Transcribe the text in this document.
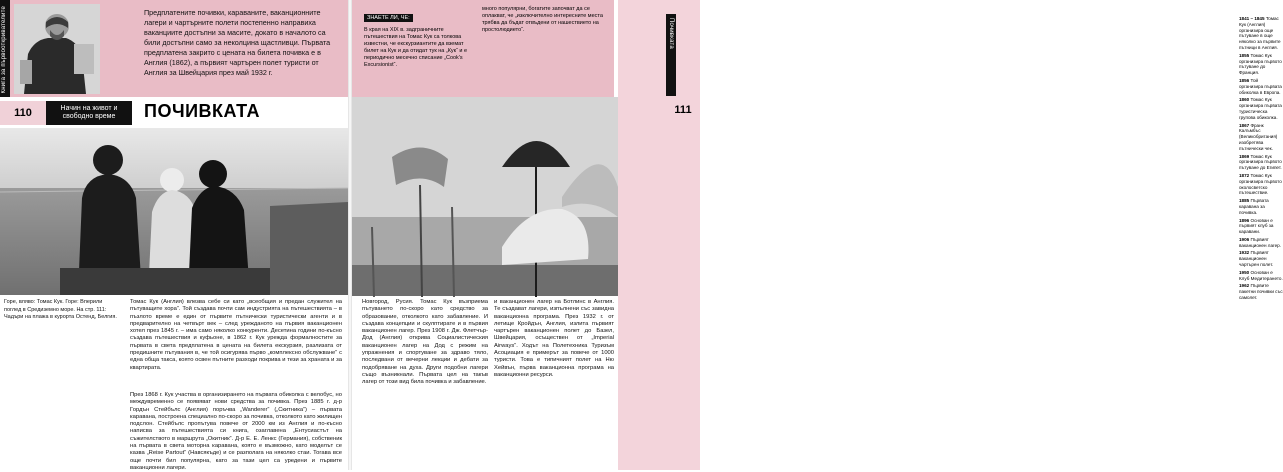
Книга за първооткривателите	Предплатените почивки, караваните, ваканционните лагери и чартърните полети постепенно направиха ваканциите достъпни за масите, докато в началото са били достъпни само за неколцина щастливци. Първата предплатена закрито с цената на билета почивка е в Англия (1862), а първият чартърен полет туристи от Англия за Швейцария през май 1932 г.
110	Начин на живот и свободно време	ПОЧИВКАТА
Горе, вляво: Томас Кук. Горе: Вперили поглед в Средиземно море. На стр. 111: Чадъри на плажа в курорта Остенд, Белгия.
Томас Кук (Англия) влезва себе си като „всеобщия и предан служител на пътуващите хора“. Той създава почти сам индустрията на пътешествията – в пъзлото време е един от първите пътнически туристически агенти и в предварително на четвърт век – след урежданото на първия ваканционен хотел през 1845 г. – има само няколко конкуренти. Десетина години по-късно създава пътешествия и куфьоне, в 1862 г. Кук урежда формалностите за първата в света предплатена в цената на билета екскурзия, разлизата от предишните пътувания в, че той осигурява първо „комплексно обслужване“ с една обща такса, която освен пътните разходи покрива и тези за храната и за квартирата.
През 1868 г. Кук участва в организирането на първата обиколка с велобус, но междувременно се появяват нови средства за почивка. През 1885 г. д-р Гордън Стейбълс (Англия) поръчва „Wanderer“ („Скитника“) – първата каравана, построена специално по-скоро за почивка, отколкото като жилищен подслон. Стейбълс пропътува повече от 2000 км из Англия и по-късно написва за пътешествията си книга, озаглавена „Ентусиастът на съжителството в маршрута „Окитник“. Д-р Е. Е. Ленкс (Германия), собственик на първата в света моторна каравана, която е възможно, като моделът се казва „Reise Partout“ (Навсякъде) и се разполага на няколко стаи. Тогава все още почти бил популярна, като за тази цел са уредени и първите ваканционни лагери.
ЗНАЕТЕ ЛИ, ЧЕ:
В края на XIX в. задграничните пътешествия на Томас Кук са толкова известни, че екскурзиантите да вземат билет на Кук и да отидат тук на „Кук“ и е периодично месечно списание „Cook's Excursionist“.
много популярни, богатите започват да се оплакват, че „изключително интересните места трябва да бъдат отвъдени от нашествието на простолюдието“.
Новгород, Русия. Томас Кук възприема пътуването по-скоро като средство за образование, отколкото като забавление. И създава концепции и скулптирате и в първия ваканционен лагер. През 1908 г. Дж. Флетчър-Дод (Англия) открива Социалистическия ваканционен лагер на Дод с режим на упражнения и спортуване за здраво тяло, последвани от вечерни лекции и дебати за подобряване на духа. Други подобни лагери също възникнали. Първата цел на такъв лагер от този вид била почивка и забавление.
и ваканционен лагер на Ботлинс в Англия. Те създават лагери, изпълнени със завидна ваканционна програма. През 1932 г. от летище Кройдън, Англия, излита първият чартърен ваканционен полет до Базел, Швейцария, осъществен от „Imperial Airways“. Ходът на Полетехника Туризъм Асоциация е примерът за повече от 1000 туристи. Това е типичният полет на Ню Хейвън, първа ваканционна програма на ваканционни ресурси.
1841 – 1845 Томас Кук (Англия) организира още пътуване в още няколко за първите пътници в Англия.
1855 Томас Кук организира първото пътуване до Франция.
1856 Той организира първата обиколка в Европа.
1860 Томас Кук организира първата туристическа групова обиколка.
1867 Франк Калъмбъс (Великобритания) изобретява пътнически чек.
1869 Томас Кук организира първото пътуване до Египет.
1872 Томас Кук организира първото околосветско пътешествие.
1885 Първата каравана за почивка.
1896 Основан е първият клуб за каравани.
1906 Първият ваканционен лагер.
1932 Първият ваканционен чартърен полет.
1950 Основан е Клуб Медитерането.
1962 Първите пакетни почивки със самолет.
Почивката
111
